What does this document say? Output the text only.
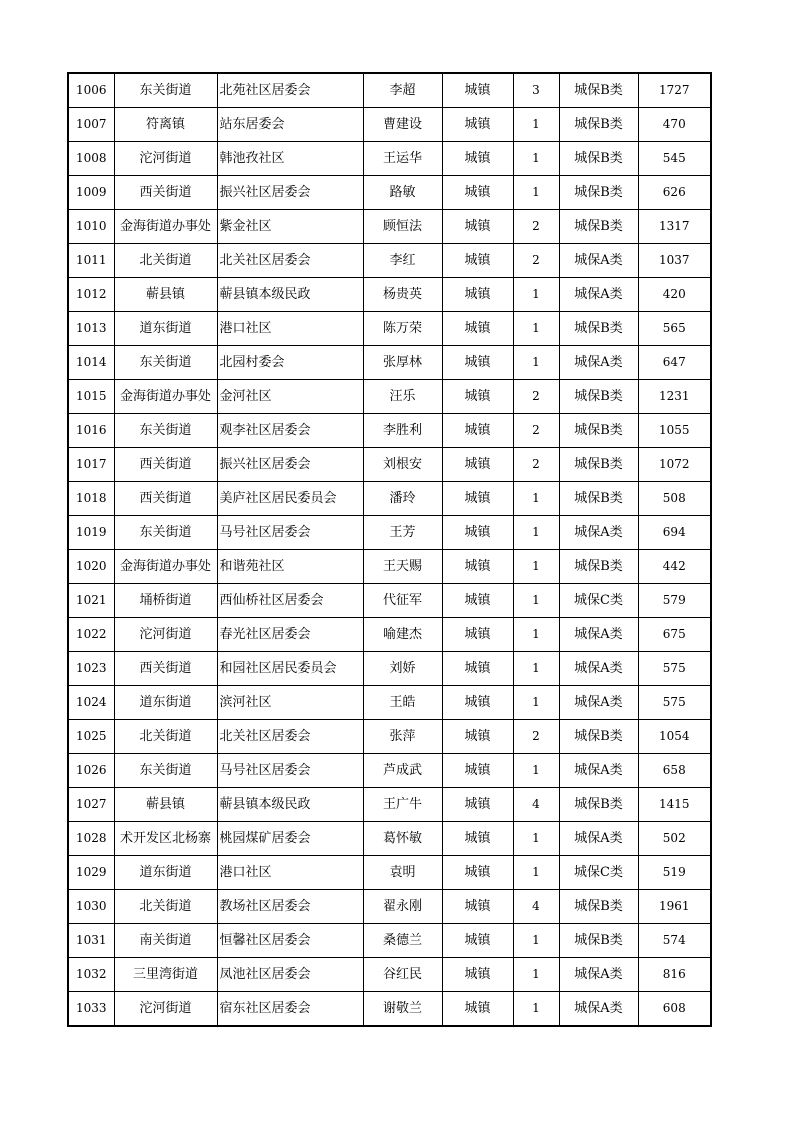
1006	东关街道	北苑社区居委会	李超	城镇	3	城保B类	1727
1007	符离镇	站东居委会	曹建设	城镇	1	城保B类	470
1008	沱河街道	韩池孜社区	王运华	城镇	1	城保B类	545
1009	西关街道	振兴社区居委会	路敏	城镇	1	城保B类	626
1010	金海街道办事处	紫金社区	顾恒法	城镇	2	城保B类	1317
1011	北关街道	北关社区居委会	李红	城镇	2	城保A类	1037
1012	蕲县镇	蕲县镇本级民政	杨贵英	城镇	1	城保A类	420
1013	道东街道	港口社区	陈万荣	城镇	1	城保B类	565
1014	东关街道	北园村委会	张厚林	城镇	1	城保A类	647
1015	金海街道办事处	金河社区	汪乐	城镇	2	城保B类	1231
1016	东关街道	观李社区居委会	李胜利	城镇	2	城保B类	1055
1017	西关街道	振兴社区居委会	刘根安	城镇	2	城保B类	1072
1018	西关街道	美庐社区居民委员会	潘玲	城镇	1	城保B类	508
1019	东关街道	马号社区居委会	王芳	城镇	1	城保A类	694
1020	金海街道办事处	和谐苑社区	王天赐	城镇	1	城保B类	442
1021	埇桥街道	西仙桥社区居委会	代征军	城镇	1	城保C类	579
1022	沱河街道	春光社区居委会	喻建杰	城镇	1	城保A类	675
1023	西关街道	和园社区居民委员会	刘娇	城镇	1	城保A类	575
1024	道东街道	滨河社区	王皓	城镇	1	城保A类	575
1025	北关街道	北关社区居委会	张萍	城镇	2	城保B类	1054
1026	东关街道	马号社区居委会	芦成武	城镇	1	城保A类	658
1027	蕲县镇	蕲县镇本级民政	王广牛	城镇	4	城保B类	1415
1028	术开发区北杨寨	桃园煤矿居委会	葛怀敏	城镇	1	城保A类	502
1029	道东街道	港口社区	袁明	城镇	1	城保C类	519
1030	北关街道	教场社区居委会	翟永刚	城镇	4	城保B类	1961
1031	南关街道	恒馨社区居委会	桑德兰	城镇	1	城保B类	574
1032	三里湾街道	凤池社区居委会	谷红民	城镇	1	城保A类	816
1033	沱河街道	宿东社区居委会	谢敬兰	城镇	1	城保A类	608
